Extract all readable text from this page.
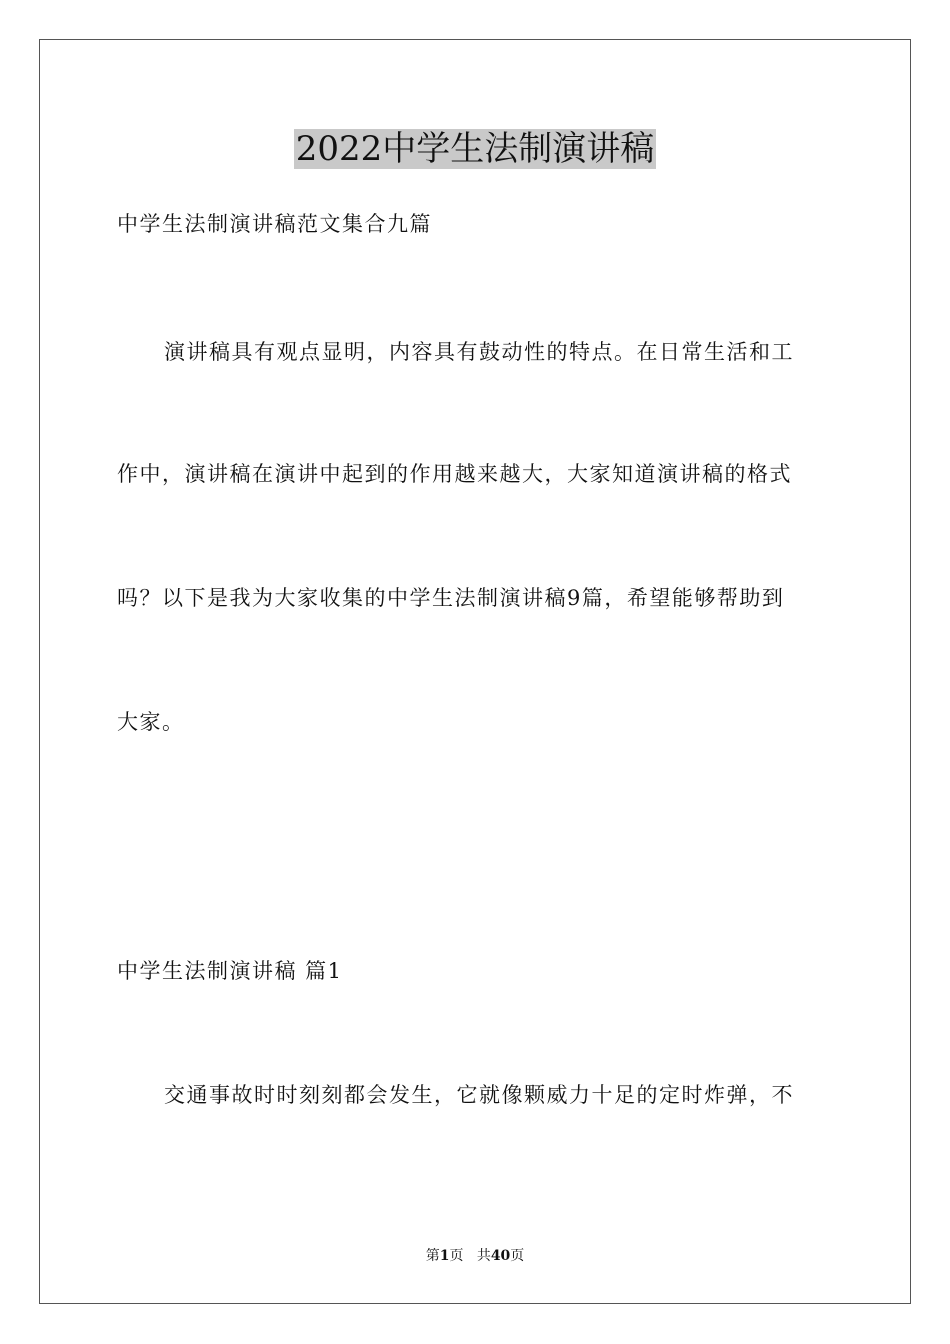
2022中学生法制演讲稿
中学生法制演讲稿范文集合九篇
演讲稿具有观点显明，内容具有鼓动性的特点。在日常生活和工
作中，演讲稿在演讲中起到的作用越来越大，大家知道演讲稿的格式
吗？以下是我为大家收集的中学生法制演讲稿9篇，希望能够帮助到
大家。
中学生法制演讲稿 篇1
交通事故时时刻刻都会发生，它就像颗威力十足的定时炸弹，不
第1页 共40页
